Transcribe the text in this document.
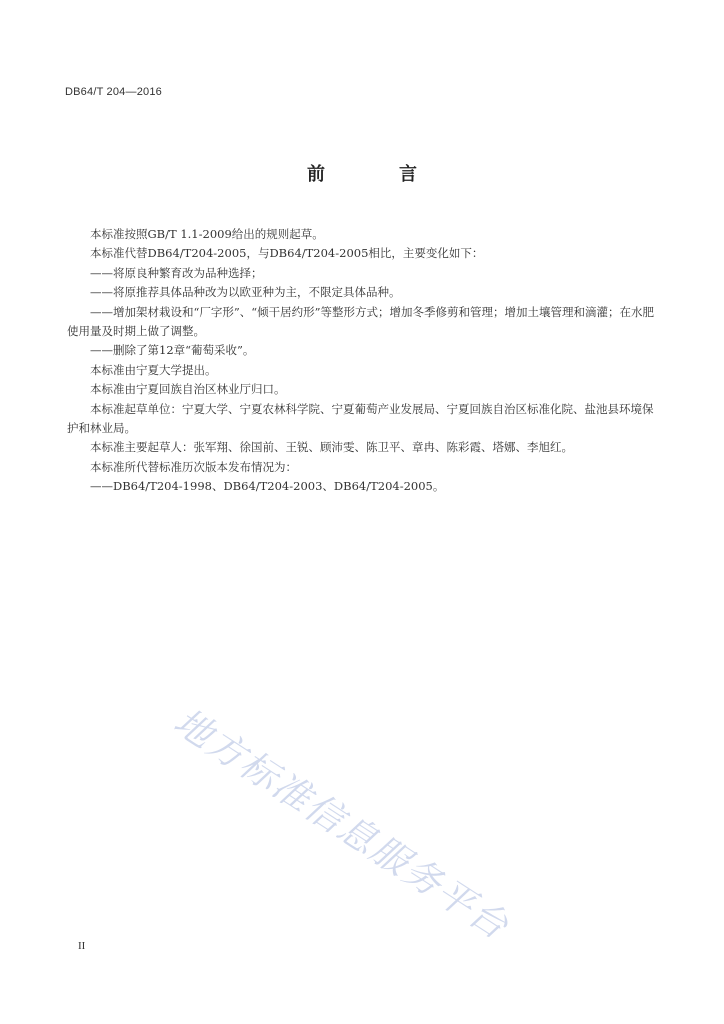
DB64/T 204—2016
前　言

本标准按照GB/T 1.1-2009给出的规则起草。

本标准代替DB64/T204-2005，与DB64/T204-2005相比，主要变化如下：

——将原良种繁育改为品种选择；

——将原推荐具体品种改为以欧亚种为主，不限定具体品种。

——增加架材栽设和“厂字形”、“倾干居约形”等整形方式；增加冬季修剪和管理；增加土壤管理和滴灌；在水肥使用量及时期上做了调整。

——删除了第12章“葡萄采收”。

本标准由宁夏大学提出。

本标准由宁夏回族自治区林业厅归口。

本标准起草单位：宁夏大学、宁夏农林科学院、宁夏葡萄产业发展局、宁夏回族自治区标准化院、盐池县环境保护和林业局。

本标准主要起草人：张军翔、徐国前、王锐、顾沛雯、陈卫平、章冉、陈彩霞、塔娜、李旭红。

本标准所代替标准历次版本发布情况为：

——DB64/T204-1998、DB64/T204-2003、DB64/T204-2005。

地方标准信息服务平台
II
